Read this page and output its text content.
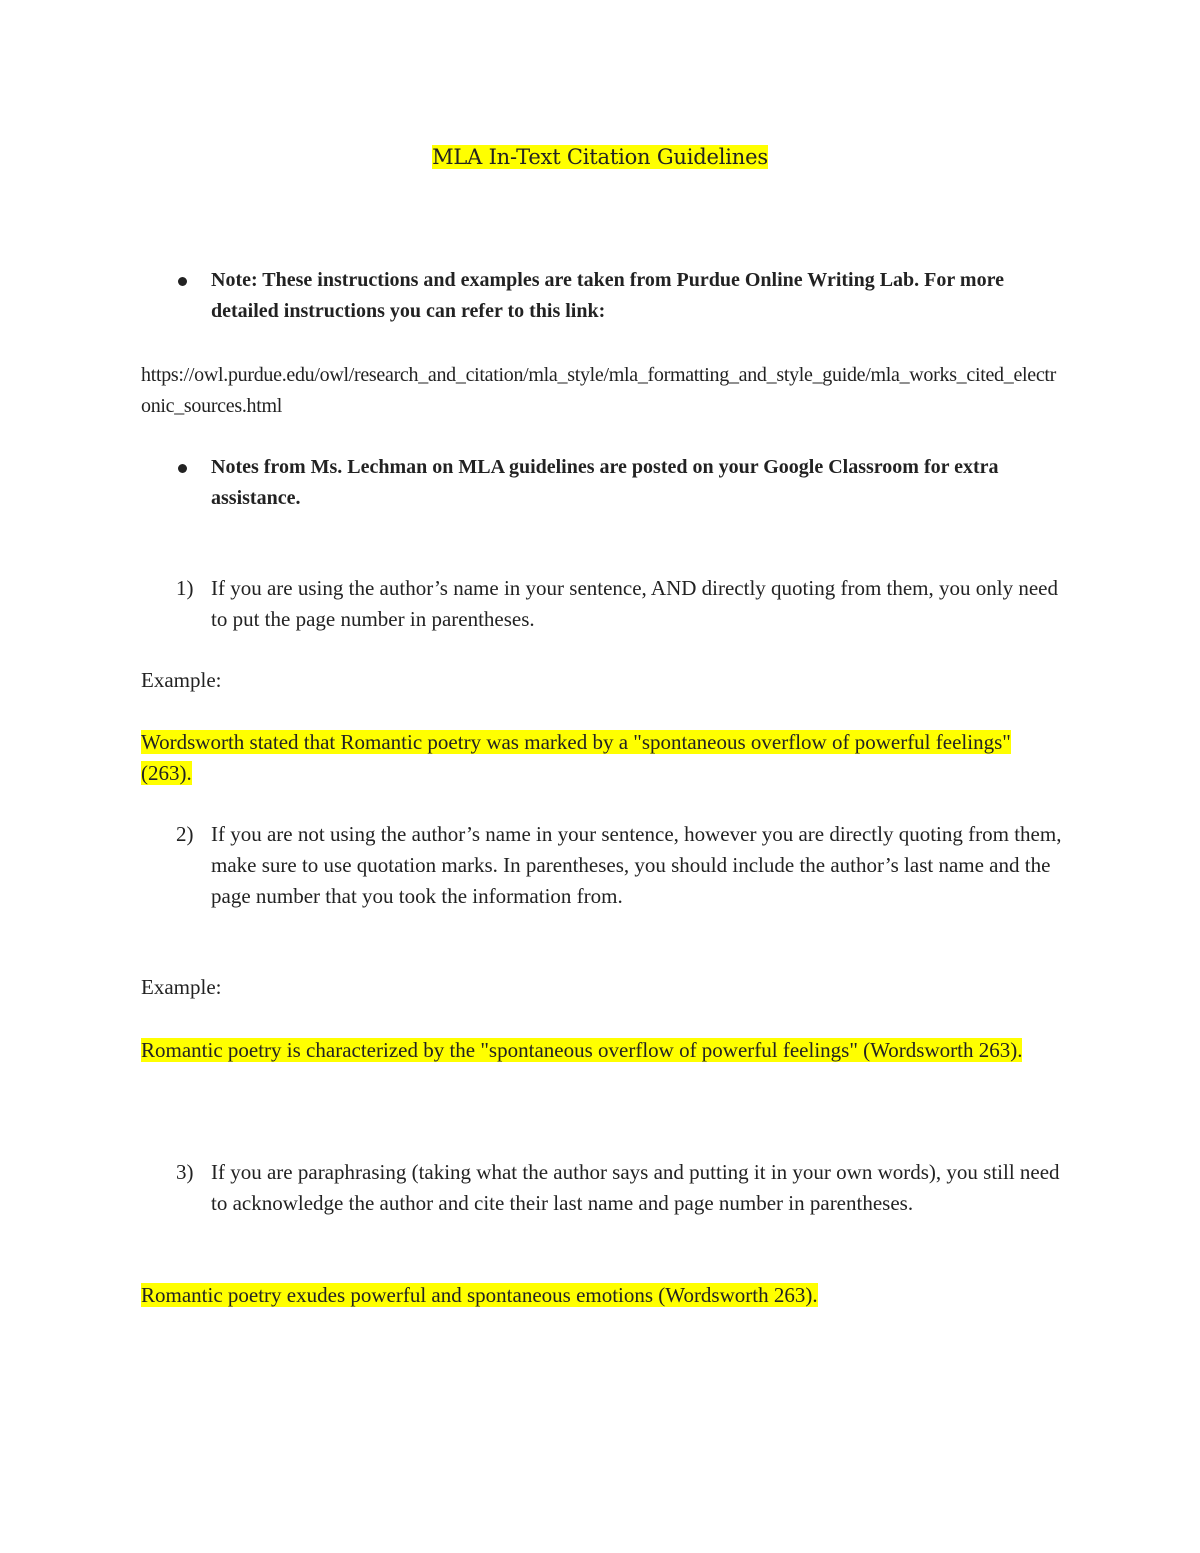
MLA In-Text Citation Guidelines
Note: These instructions and examples are taken from Purdue Online Writing Lab. For more detailed instructions you can refer to this link:
https://owl.purdue.edu/owl/research_and_citation/mla_style/mla_formatting_and_style_guide/mla_works_cited_electronic_sources.html
Notes from Ms. Lechman on MLA guidelines are posted on your Google Classroom for extra assistance.
1) If you are using the author’s name in your sentence, AND directly quoting from them, you only need to put the page number in parentheses.
Example:
Wordsworth stated that Romantic poetry was marked by a "spontaneous overflow of powerful feelings" (263).
2) If you are not using the author’s name in your sentence, however you are directly quoting from them, make sure to use quotation marks. In parentheses, you should include the author’s last name and the page number that you took the information from.
Example:
Romantic poetry is characterized by the "spontaneous overflow of powerful feelings" (Wordsworth 263).
3) If you are paraphrasing (taking what the author says and putting it in your own words), you still need to acknowledge the author and cite their last name and page number in parentheses.
Romantic poetry exudes powerful and spontaneous emotions (Wordsworth 263).
